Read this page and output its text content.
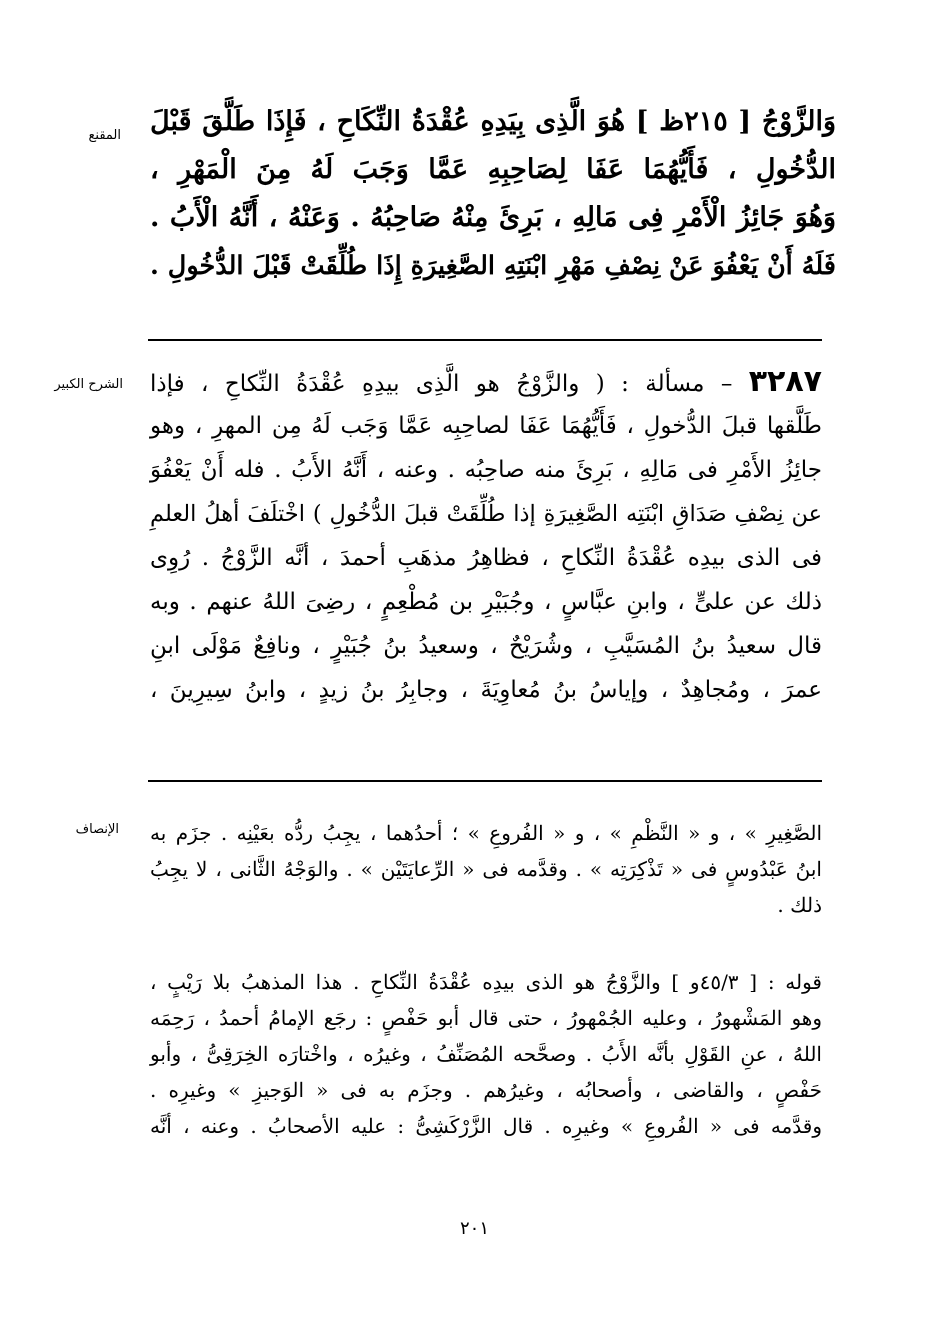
المقنع وَالزَّوْجُ [ ٢١٥ظ ] هُوَ الَّذِى بِيَدِهِ عُقْدَةُ النِّكَاحِ ، فَإِذَا طَلَّقَ قَبْلَ
الدُّخُولِ ، فَأَيُّهُمَا عَفَا لِصَاحِبِهِ عَمَّا وَجَبَ لَهُ مِنَ الْمَهْرِ ،
وَهُوَ جَائِزُ الْأَمْرِ فِى مَالِهِ ، بَرِئَ مِنْهُ صَاحِبُهُ . وَعَنْهُ ، أَنَّهُ الْأَبُ .
فَلَهُ أَنْ يَعْفُوَ عَنْ نِصْفِ مَهْرِ ابْنَتِهِ الصَّغِيرَةِ إِذَا طُلِّقَتْ قَبْلَ الدُّخُولِ .
الشرح الكبير	٣٢٨٧ – مسألة : ( والزَّوْجُ هو الَّذِى بيدِهِ عُقْدَةُ النِّكاحِ ، فإذا
طَلَّقها قبلَ الدُّخولِ ، فَأَيُّهُمَا عَفَا لصاحِبِه عَمَّا وَجَب لَهُ مِن المهرِ ، وهو
جائِزُ الأَمْرِ فى مَالِهِ ، بَرِئَ منه صاحِبُه . وعنه ، أَنَّهُ الأَبُ . فله أَنْ يَعْفُوَ
عن نِصْفِ صَدَاقِ ابْنَتِه الصَّغِيرَةِ إذا طُلِّقَتْ قبلَ الدُّخُولِ ) اخْتلَفَ أهلُ العلمِ
فى الذى بيدِه عُقْدَةُ النِّكاحِ ، فظاهِرُ مذهَبِ أحمدَ ، أنَّه الزَّوْجُ . رُوِى
ذلك عن علىٍّ ، وابنِ عبَّاسٍ ، وجُبَيْرِ بن مُطْعِمٍ ، رضِىَ اللهُ عنهم . وبه
قال سعيدُ بنُ المُسَيَّبِ ، وشُرَيْحٌ ، وسعيدُ بنُ جُبَيْرٍ ، ونافِعٌ مَوْلَى ابنِ
عمرَ ، ومُجاهِدٌ ، وإياسُ بنُ مُعاوِيَةَ ، وجابِرُ بنُ زيدٍ ، وابنُ سِيرِينَ ،
الإنصاف الصَّغِيرِ » ، و « النَّظْمِ » ، و « الفُروعِ » ؛ أحدُهما ، يجِبُ ردُّه بعَيْنِه . جزَم به
ابنُ عَبْدُوسٍ فى « تَذْكِرَتِه » . وقدَّمه فى « الرِّعايَتَيْن » . والوَجْهُ الثَّانى ، لا يجِبُ
ذلك .
قوله : [ ٤٥/٣و ] والزَّوْجُ هو الذى بيدِه عُقْدَةُ النِّكاحِ . هذا المذهبُ بلا رَيْبٍ ،
وهو المَشْهورُ ، وعليه الجُمْهورُ ، حتى قال أبو حَفْصٍ : رجَع الإمامُ أحمدُ ، رَحِمَه
اللهُ ، عنِ القَوْلِ بأنَّه الأَبُ . وصحَّحه المُصَنِّفُ ، وغيرُه ، واخْتارَه الخِرَقِىُّ ، وأبو
حَفْصٍ ، والقاضى ، وأصحابُه ، وغيرُهم . وجزَم به فى « الوَجيزِ » وغيرِه .
وقدَّمه فى « الفُروعِ » وغيرِه . قال الزَّرْكَشِىُّ : عليه الأصحابُ . وعنه ، أنَّه
٢٠١
